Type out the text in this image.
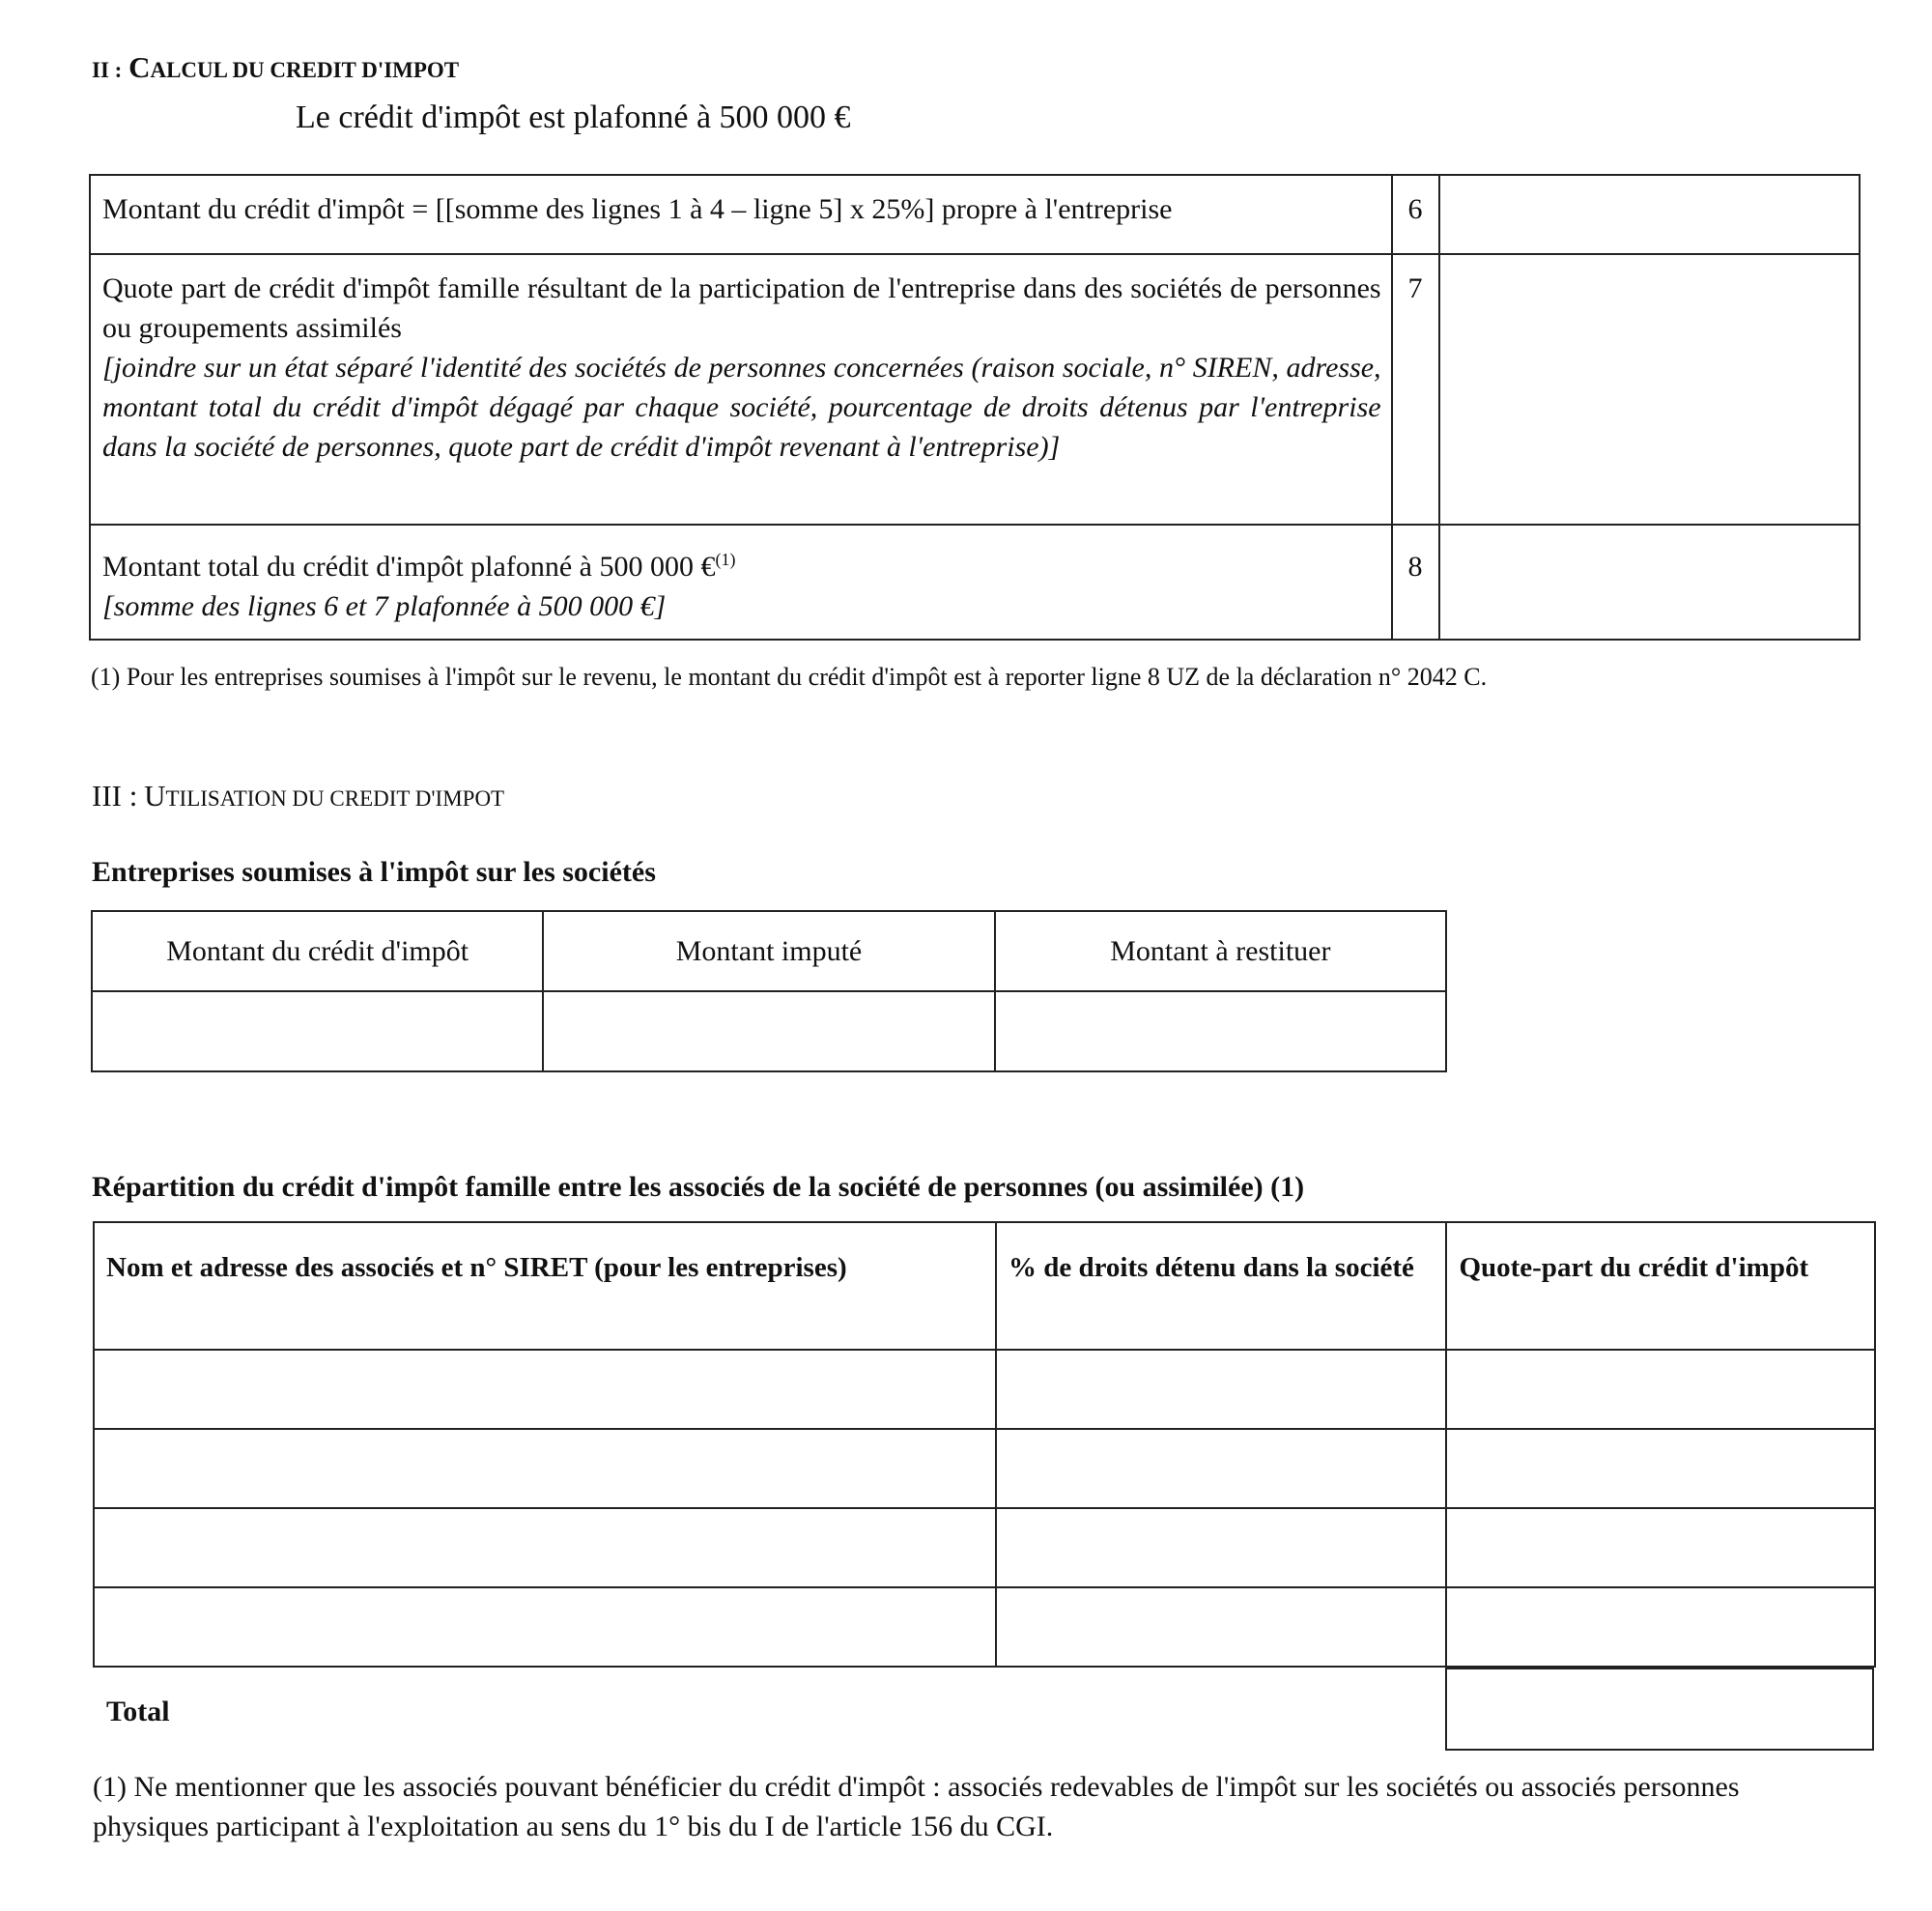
II : CALCUL DU CREDIT D'IMPOT
Le crédit d'impôt est plafonné à 500 000 €
Montant du crédit d'impôt = [[somme des lignes 1 à 4 – ligne 5] x 25%] propre à l'entreprise	6	

Quote part de crédit d'impôt famille résultant de la participation de l'entreprise dans des sociétés de personnes ou groupements assimilés
[joindre sur un état séparé l'identité des sociétés de personnes concernées (raison sociale, n° SIREN, adresse, montant total du crédit d'impôt dégagé par chaque société, pourcentage de droits détenus par l'entreprise dans la société de personnes, quote part de crédit d'impôt revenant à l'entreprise)]	7	

Montant total du crédit d'impôt plafonné à 500 000 €$^{(1)}$
[somme des lignes 6 et 7 plafonnée à 500 000 €]	8	
(1) Pour les entreprises soumises à l'impôt sur le revenu, le montant du crédit d'impôt est à reporter ligne 8 UZ de la déclaration n° 2042 C.
III : UTILISATION DU CREDIT D'IMPOT
Entreprises soumises à l'impôt sur les sociétés
Montant du crédit d'impôt	Montant imputé	Montant à restituer

Répartition du crédit d'impôt famille entre les associés de la société de personnes (ou assimilée) (1)
Nom et adresse des associés et n° SIRET (pour les entreprises)	% de droits détenu dans la société	Quote-part du crédit d'impôt

Total
(1) Ne mentionner que les associés pouvant bénéficier du crédit d'impôt : associés redevables de l'impôt sur les sociétés ou associés personnes physiques participant à l'exploitation au sens du 1° bis du I de l'article 156 du CGI.
